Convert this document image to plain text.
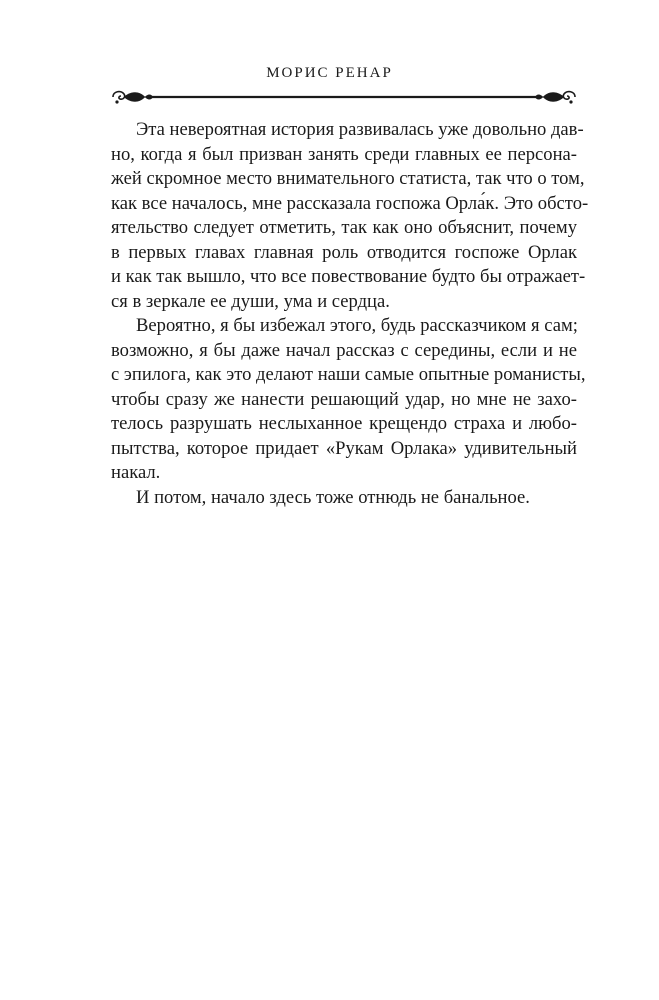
МОРИС РЕНАР

Эта невероятная история развивалась уже довольно дав-
но, когда я был призван занять среди главных ее персона-
жей скромное место внимательного статиста, так что о том,
как все началось, мне рассказала госпожа Орла́к. Это обсто-
ятельство следует отметить, так как оно объяснит, почему
в первых главах главная роль отводится госпоже Орлак
и как так вышло, что все повествование будто бы отражает-
ся в зеркале ее души, ума и сердца.

Вероятно, я бы избежал этого, будь рассказчиком я сам;
возможно, я бы даже начал рассказ с середины, если и не
с эпилога, как это делают наши самые опытные романисты,
чтобы сразу же нанести решающий удар, но мне не захо-
телось разрушать неслыханное крещендо страха и любо-
пытства, которое придает «Рукам Орлака» удивительный
накал.

И потом, начало здесь тоже отнюдь не банальное.
